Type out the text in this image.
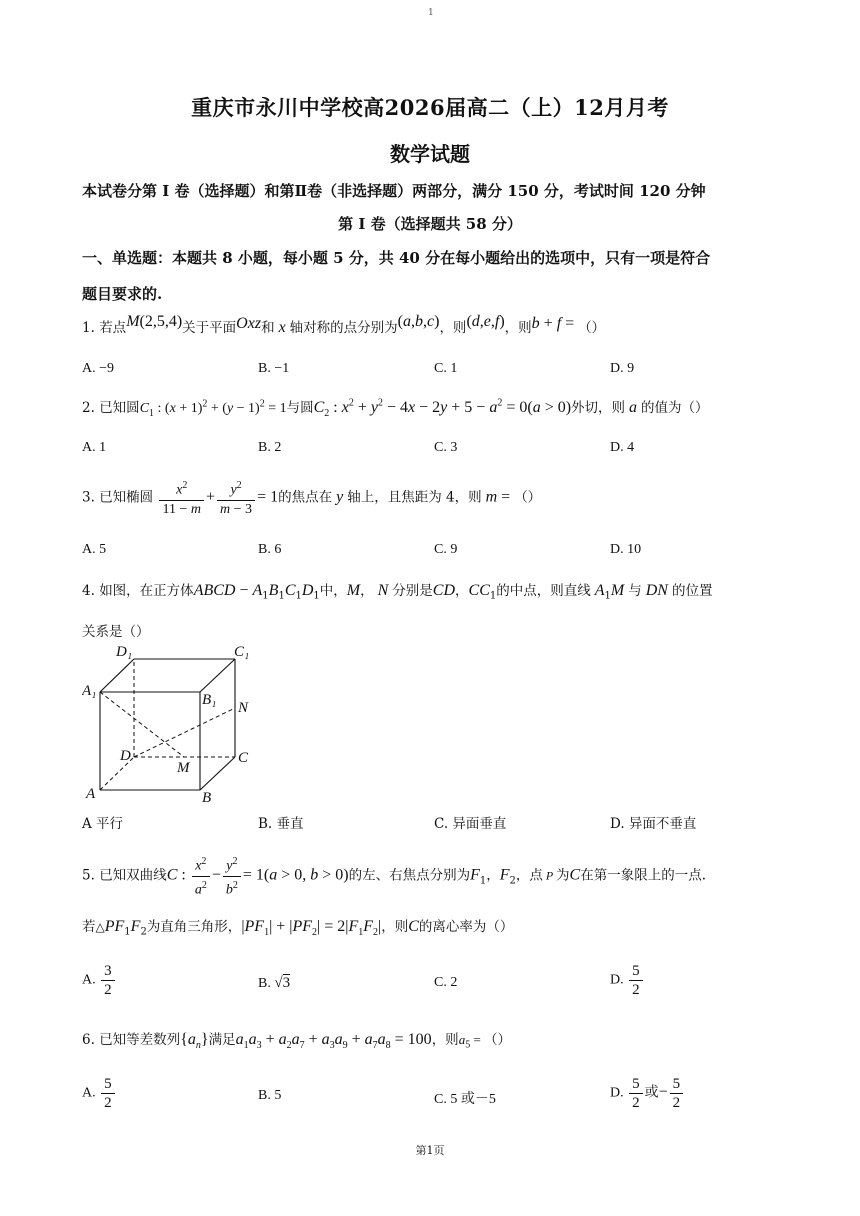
1
重庆市永川中学校高2026届高二（上）12月月考
数学试题
本试卷分第 I 卷（选择题）和第Ⅱ卷（非选择题）两部分，满分 150 分，考试时间 120 分钟
第 I 卷（选择题共 58 分）
一、单选题：本题共 8 小题，每小题 5 分，共 40 分在每小题给出的选项中，只有一项是符合
题目要求的.
1. 若点M(2,5,4)关于平面Oxz和 x 轴对称的点分别为(a,b,c)，则(d,e,f)，则b + f = （）
A. −9	B. −1	C. 1	D. 9
2. 已知圆$C_1$ : $(x + 1)^2 + (y - 1)^2 = 1$与圆$C_2$ : $x^2 + y^2 - 4x - 2y + 5 - a^2 = 0(a > 0)$外切，则 a 的值为（）
A. 1	B. 2	C. 3	D. 4
3. 已知椭圆 $\frac{x^2}{11 - m} + \frac{y^2}{m - 3} = 1$的焦点在 y 轴上，且焦距为 4，则 m = （）
A. 5	B. 6	C. 9	D. 10
4. 如图，在正方体ABCD − $A_1B_1C_1D_1$中，M， N 分别是CD，$CC_1$的中点，则直线 $A_1M$ 与 DN 的位置
关系是（）
D₁	C₁
A₁
B₁ N
D
M
C
A	B
A 平行	B. 垂直	C. 异面垂直	D. 异面不垂直
5. 已知双曲线C : $\frac{x^2}{a^2} - \frac{y^2}{b^2} = 1(a > 0$, b > 0)的左、右焦点分别为$F_1$，$F_2$，点 P 为C在第一象限上的一点.
若$\triangle PF_1F_2$为直角三角形，$|PF_1| + |PF_2| = 2|F_1F_2|$，则C的离心率为（）
A. $\frac{3}{2}$	B. √3	C. 2	D. $\frac{5}{2}$
6. 已知等差数列$\{a_n\}$满足$a_1a_3 + a_2a_7 + a_3a_9 + a_7a_8 = 100$，则$a_5$ = （）
A. $\frac{5}{2}$	B. 5	C. 5 或－5	D. $\frac{5}{2}$ 或− $\frac{5}{2}$
第1页
